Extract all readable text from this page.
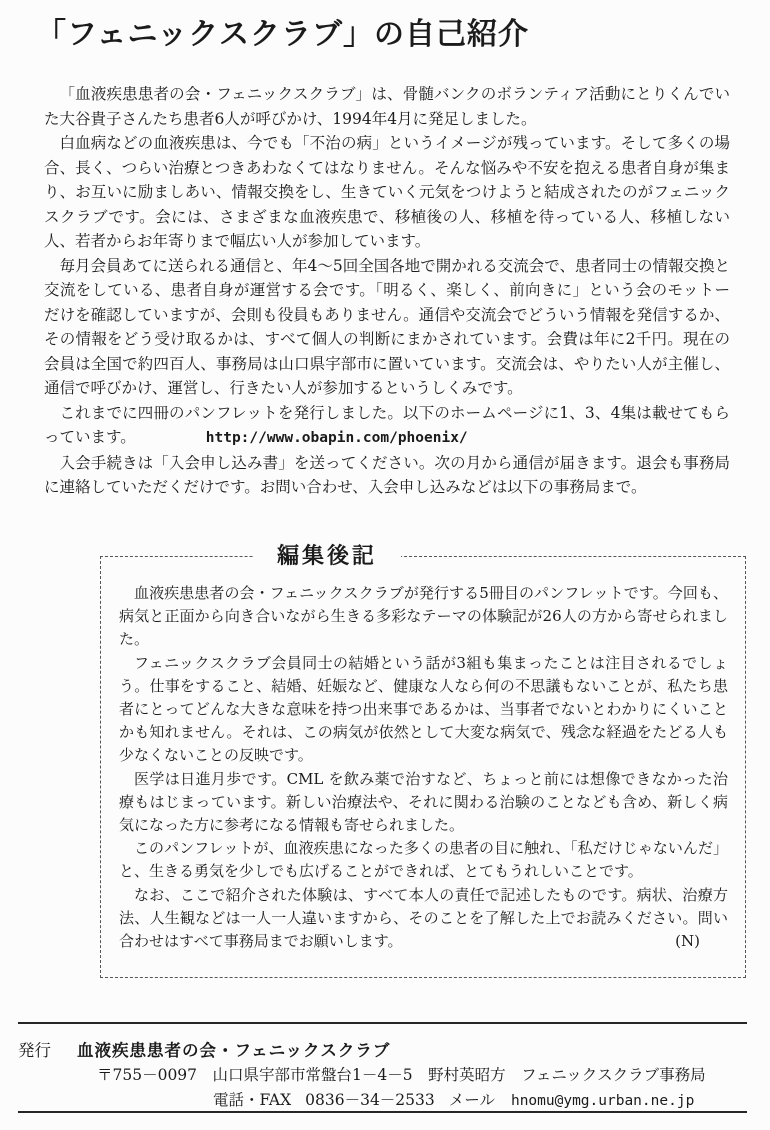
「フェニックスクラブ」の自己紹介

「血液疾患患者の会・フェニックスクラブ」は、骨髄バンクのボランティア活動にとりくんでいた大谷貴子さんたち患者6人が呼びかけ、1994年4月に発足しました。

白血病などの血液疾患は、今でも「不治の病」というイメージが残っています。そして多くの場合、長く、つらい治療とつきあわなくてはなりません。そんな悩みや不安を抱える患者自身が集まり、お互いに励ましあい、情報交換をし、生きていく元気をつけようと結成されたのがフェニックスクラブです。会には、さまざまな血液疾患で、移植後の人、移植を待っている人、移植しない人、若者からお年寄りまで幅広い人が参加しています。

毎月会員あてに送られる通信と、年4〜5回全国各地で開かれる交流会で、患者同士の情報交換と交流をしている、患者自身が運営する会です。「明るく、楽しく、前向きに」という会のモットーだけを確認していますが、会則も役員もありません。通信や交流会でどういう情報を発信するか、その情報をどう受け取るかは、すべて個人の判断にまかされています。会費は年に2千円。現在の会員は全国で約四百人、事務局は山口県宇部市に置いています。交流会は、やりたい人が主催し、通信で呼びかけ、運営し、行きたい人が参加するというしくみです。

これまでに四冊のパンフレットを発行しました。以下のホームページに1、3、4集は載せてもらっています。	http://www.obapin.com/phoenix/

入会手続きは「入会申し込み書」を送ってください。次の月から通信が届きます。退会も事務局に連絡していただくだけです。お問い合わせ、入会申し込みなどは以下の事務局まで。

編集後記

血液疾患患者の会・フェニックスクラブが発行する5冊目のパンフレットです。今回も、病気と正面から向き合いながら生きる多彩なテーマの体験記が26人の方から寄せられました。

フェニックスクラブ会員同士の結婚という話が3組も集まったことは注目されるでしょう。仕事をすること、結婚、妊娠など、健康な人なら何の不思議もないことが、私たち患者にとってどんな大きな意味を持つ出来事であるかは、当事者でないとわかりにくいことかも知れません。それは、この病気が依然として大変な病気で、残念な経過をたどる人も少なくないことの反映です。

医学は日進月歩です。CML を飲み薬で治すなど、ちょっと前には想像できなかった治療もはじまっています。新しい治療法や、それに関わる治験のことなども含め、新しく病気になった方に参考になる情報も寄せられました。

このパンフレットが、血液疾患になった多くの患者の目に触れ、「私だけじゃないんだ」と、生きる勇気を少しでも広げることができれば、とてもうれしいことです。

なお、ここで紹介された体験は、すべて本人の責任で記述したものです。病状、治療方法、人生観などは一人一人違いますから、そのことを了解した上でお読みください。問い合わせはすべて事務局までお願いします。	(N)

発行 血液疾患患者の会・フェニックスクラブ
〒755－0097　山口県宇部市常盤台1－4－5　野村英昭方　フェニックスクラブ事務局
電話・FAX 0836－34－2533 メール hnomu@ymg.urban.ne.jp
